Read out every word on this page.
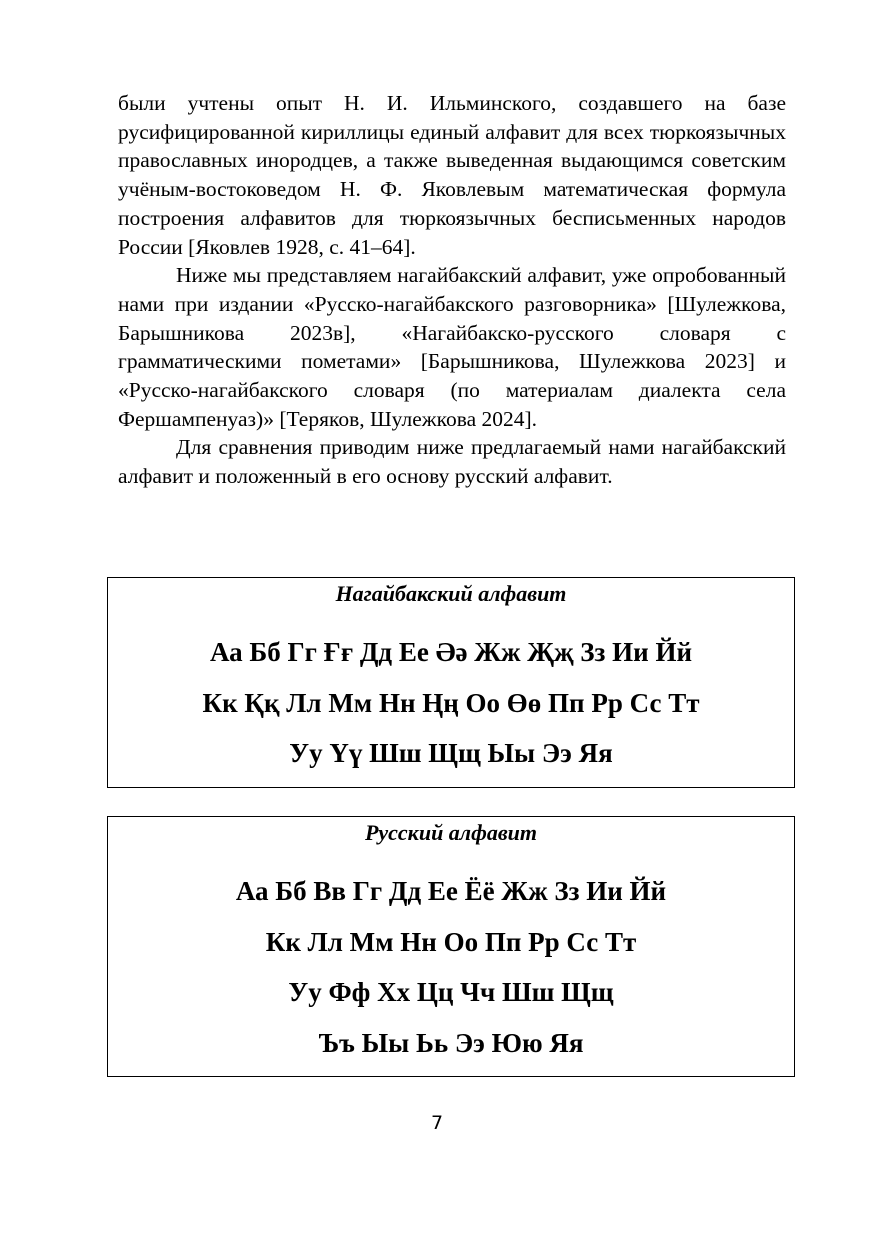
были учтены опыт Н. И. Ильминского, создавшего на базе русифицированной кириллицы единый алфавит для всех тюркоязычных православных инородцев, а также выведенная выдающимся советским учёным-востоковедом Н. Ф. Яковлевым математическая формула построения алфавитов для тюркоязычных бесписьменных народов России [Яковлев 1928, с. 41–64].

Ниже мы представляем нагайбакский алфавит, уже опробованный нами при издании «Русско-нагайбакского разговорника» [Шулежкова, Барышникова 2023в], «Нагайбакско-русского словаря с грамматическими пометами» [Барышникова, Шулежкова 2023] и «Русско-нагайбакского словаря (по материалам диалекта села Фершампенуаз)» [Теряков, Шулежкова 2024].

Для сравнения приводим ниже предлагаемый нами нагайбакский алфавит и положенный в его основу русский алфавит.

Нагайбакский алфавит
Аа Бб Гг Ғғ Дд Ее Әә Жж Җҗ Зз Ии Йй
Кк Ққ Лл Мм Нн Ңң Оо Өө Пп Рр Сс Тт
Уу Үү Шш Щщ Ыы Ээ Яя
Русский алфавит
Аа Бб Вв Гг Дд Ее Ёё Жж Зз Ии Йй
Кк Лл Мм Нн Оо Пп Рр Сс Тт
Уу Фф Хх Цц Чч Шш Щщ
Ъъ Ыы Ьь Ээ Юю Яя
7
